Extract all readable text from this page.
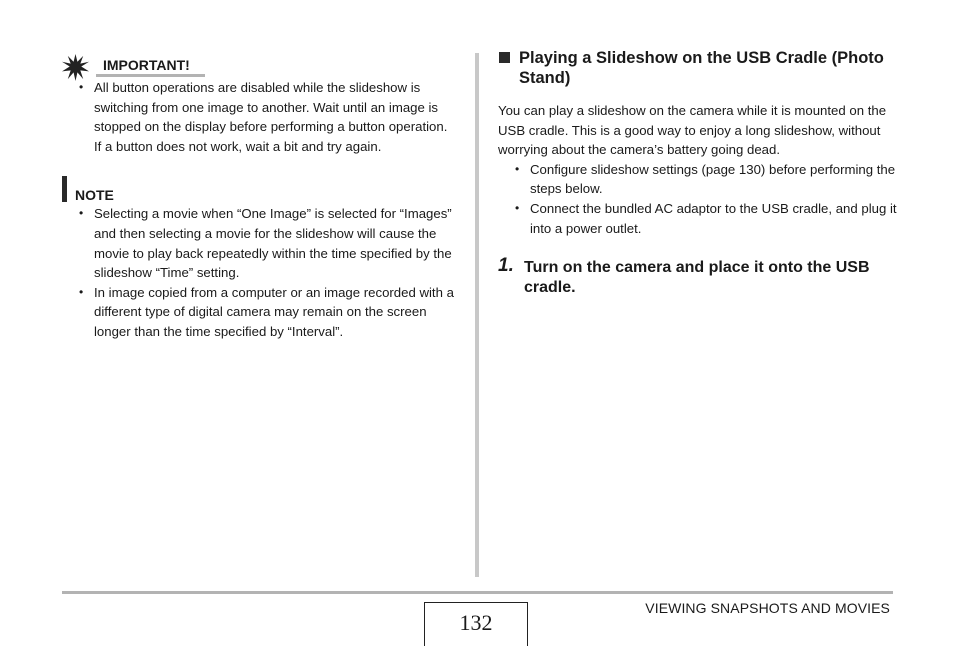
IMPORTANT!
• All button operations are disabled while the slideshow is switching from one image to another. Wait until an image is stopped on the display before performing a button operation. If a button does not work, wait a bit and try again.
NOTE
• Selecting a movie when “One Image” is selected for “Images” and then selecting a movie for the slideshow will cause the movie to play back repeatedly within the time specified by the slideshow “Time” setting.
• In image copied from a computer or an image recorded with a different type of digital camera may remain on the screen longer than the time specified by “Interval”.
Playing a Slideshow on the USB Cradle (Photo Stand)
You can play a slideshow on the camera while it is mounted on the USB cradle. This is a good way to enjoy a long slideshow, without worrying about the camera’s battery going dead.
• Configure slideshow settings (page 130) before performing the steps below.
• Connect the bundled AC adaptor to the USB cradle, and plug it into a power outlet.
1. Turn on the camera and place it onto the USB cradle.
132
VIEWING SNAPSHOTS AND MOVIES
